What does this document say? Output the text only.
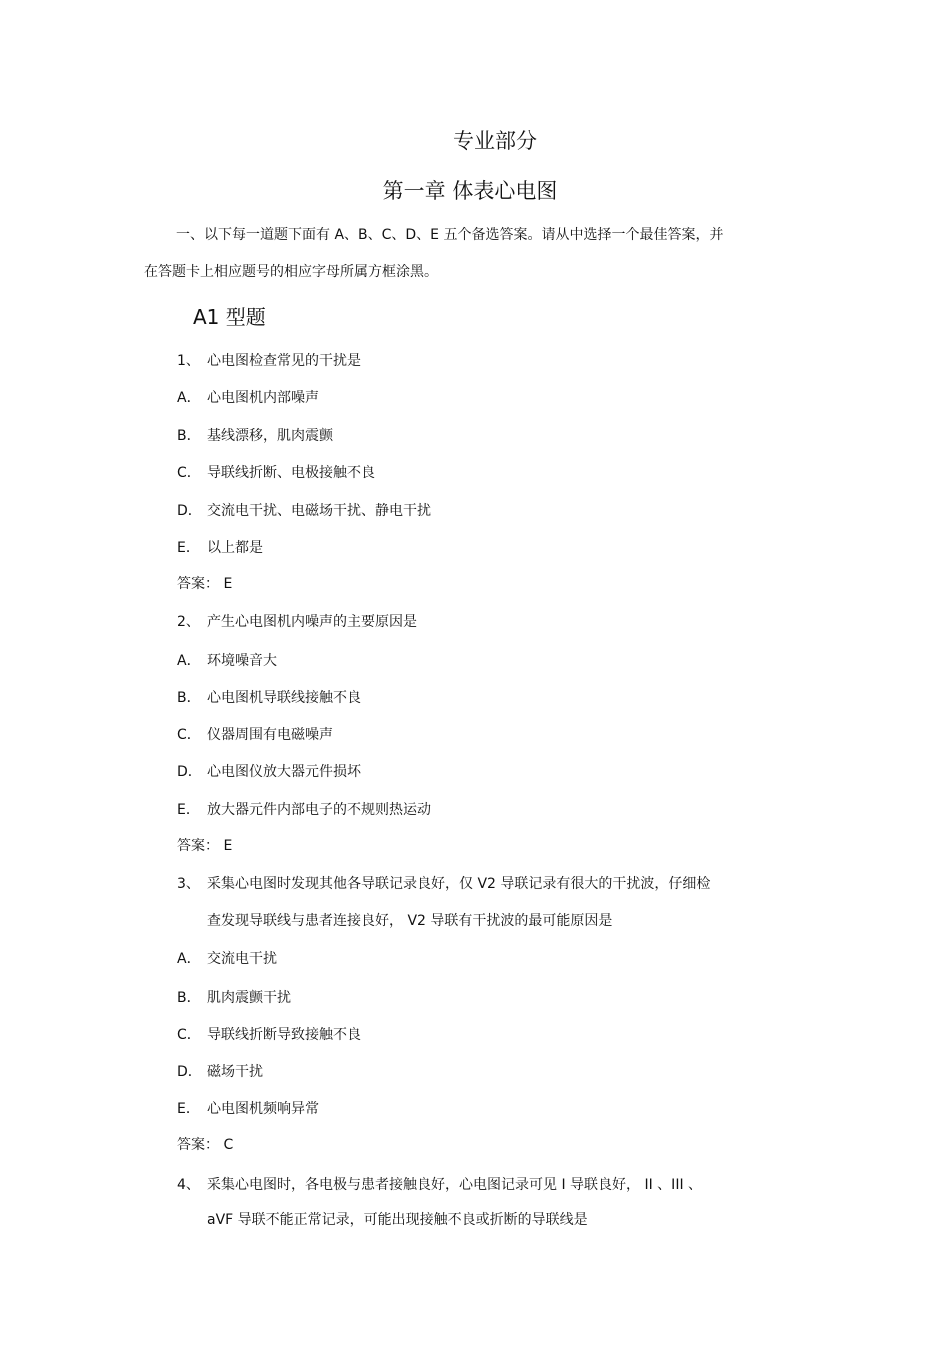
专业部分
第一章 体表心电图
一、以下每一道题下面有 A、B、C、D、E 五个备选答案。请从中选择一个最佳答案，并
在答题卡上相应题号的相应字母所属方框涂黑。
A1 型题
1、 心电图检查常见的干扰是
A． 心电图机内部噪声
B． 基线漂移，肌肉震颤
C． 导联线折断、电极接触不良
D． 交流电干扰、电磁场干扰、静电干扰
E． 以上都是
答案： E
2、 产生心电图机内噪声的主要原因是
A． 环境噪音大
B． 心电图机导联线接触不良
C． 仪器周围有电磁噪声
D． 心电图仪放大器元件损坏
E． 放大器元件内部电子的不规则热运动
答案： E
3、 采集心电图时发现其他各导联记录良好，仅 V2 导联记录有很大的干扰波，仔细检
查发现导联线与患者连接良好， V2 导联有干扰波的最可能原因是
A． 交流电干扰
B． 肌肉震颤干扰
C． 导联线折断导致接触不良
D． 磁场干扰
E． 心电图机频响异常
答案： C
4、 采集心电图时，各电极与患者接触良好，心电图记录可见 I 导联良好， II 、III 、
aVF 导联不能正常记录，可能出现接触不良或折断的导联线是
